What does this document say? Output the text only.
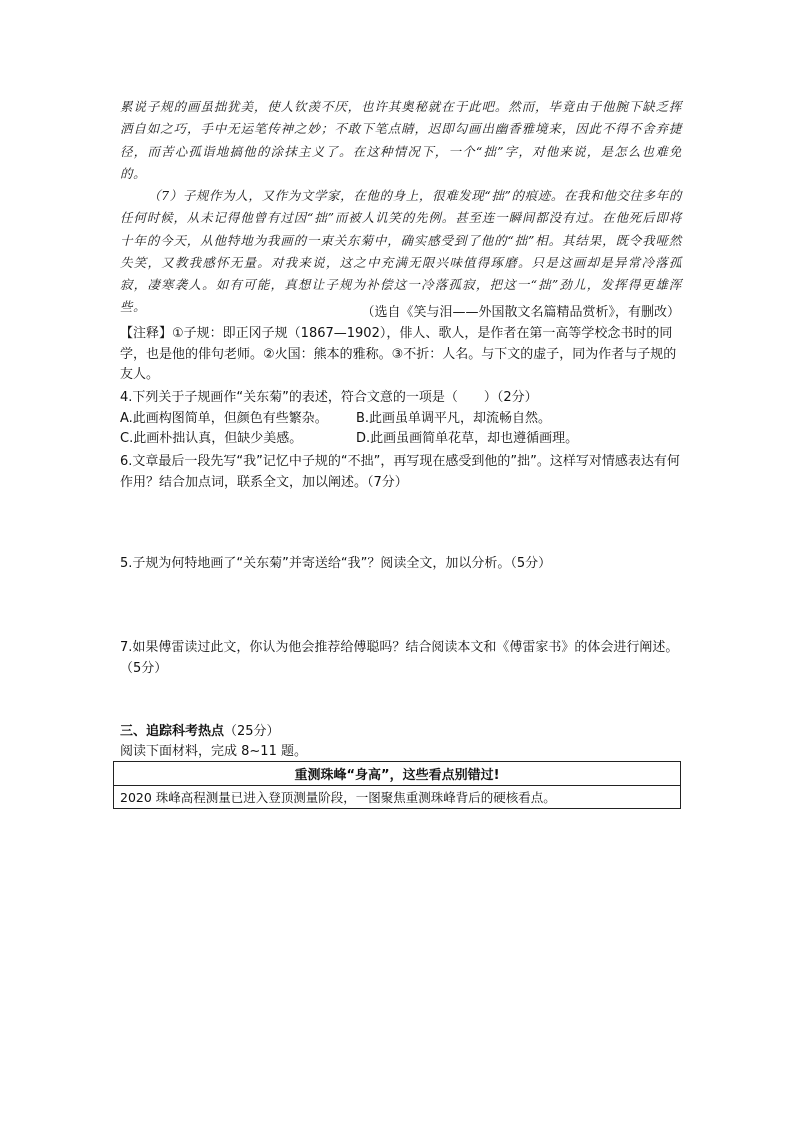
累说子规的画虽拙犹美，使人钦羡不厌，也许其奥秘就在于此吧。然而，毕竟由于他腕下缺乏挥洒自如之巧，手中无运笔传神之妙；不敢下笔点睛，迟即勾画出幽香雅境来，因此不得不舍弃捷径，而苦心孤诣地搞他的涂抹主义了。在这种情况下，一个“拙”字，对他来说，是怎么也难免的。

（7）子规作为人，又作为文学家，在他的身上，很难发现“拙”的痕迹。在我和他交往多年的任何时候，从未记得他曾有过因“拙”而被人讥笑的先例。甚至连一瞬间都没有过。在他死后即将十年的今天，从他特地为我画的一束关东菊中，确实感受到了他的“拙”相。其结果，既令我哑然失笑，又教我感怀无量。对我来说，这之中充满无限兴味值得琢磨。只是这画却是异常冷落孤寂，凄寒袭人。如有可能，真想让子规为补偿这一冷落孤寂，把这一“拙”劲儿，发挥得更雄浑些。	（选自《笑与泪——外国散文名篇精品赏析》，有删改）

【注释】①子规：即正冈子规（1867—1902），俳人、歌人，是作者在第一高等学校念书时的同学，也是他的俳句老师。②火国：熊本的雅称。③不折：人名。与下文的虚子，同为作者与子规的友人。

4.下列关于子规画作“关东菊”的表述，符合文意的一项是（　　）（2分）

A.此画构图简单，但颜色有些繁杂。	B.此画虽单调平凡，却流畅自然。
C.此画朴拙认真，但缺少美感。	D.此画虽画简单花草，却也遵循画理。

6.文章最后一段先写“我”记忆中子规的“不拙”，再写现在感受到他的”拙”。这样写对情感表达有何作用？结合加点词，联系全文，加以阐述。（7分）

5.子规为何特地画了“关东菊”并寄送给“我”？阅读全文，加以分析。（5分）

7.如果傅雷读过此文，你认为他会推荐给傅聪吗？结合阅读本文和《傅雷家书》的体会进行阐述。（5分）

三、追踪科考热点（25分）
阅读下面材料，完成 8~11 题。
重测珠峰“身高”，这些看点别错过!
2020 珠峰高程测量已进入登顶测量阶段，一图聚焦重测珠峰背后的硬核看点。
